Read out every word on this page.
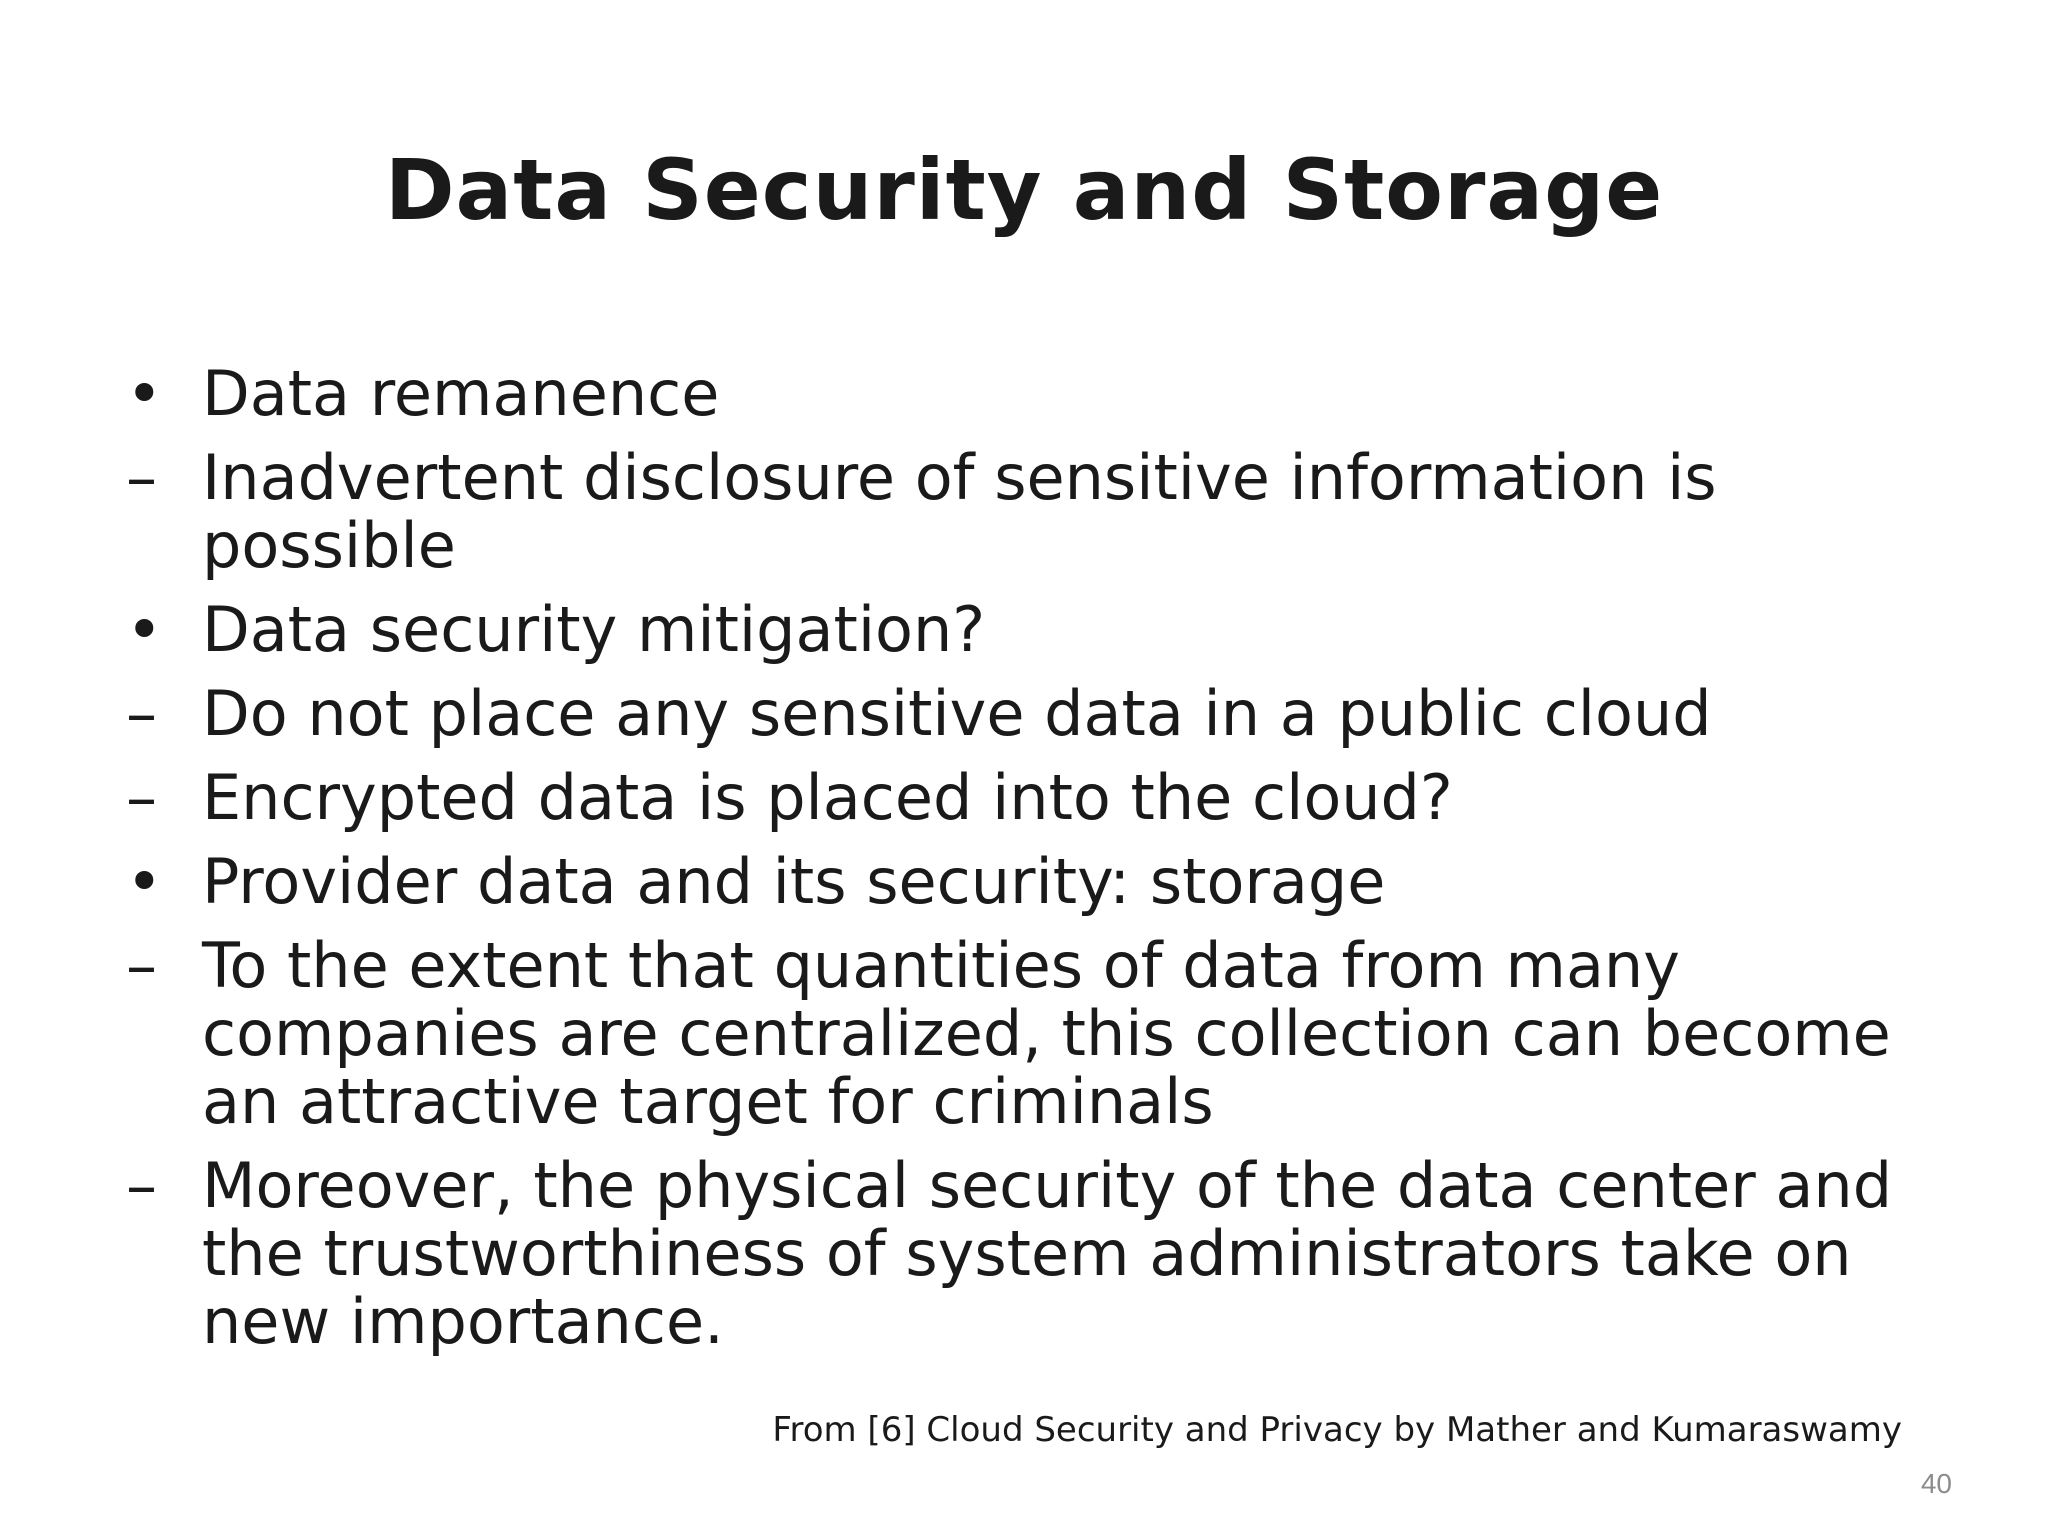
Data Security and Storage
• Data remanence
– Inadvertent disclosure of sensitive information is possible
• Data security mitigation?
– Do not place any sensitive data in a public cloud
– Encrypted data is placed into the cloud?
• Provider data and its security: storage
– To the extent that quantities of data from many companies are centralized, this collection can become an attractive target for criminals
– Moreover, the physical security of the data center and the trustworthiness of system administrators take on new importance.
From [6] Cloud Security and Privacy by Mather and Kumaraswamy
40
